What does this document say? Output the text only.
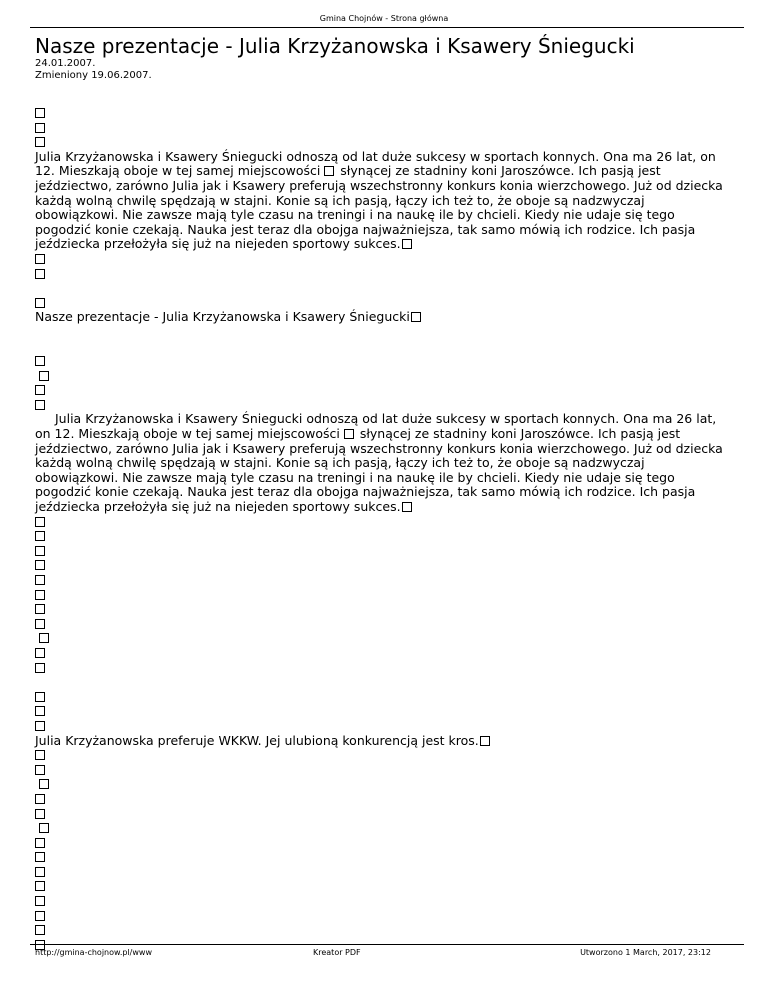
Gmina Chojnów - Strona główna
Nasze prezentacje - Julia Krzyżanowska i Ksawery Śniegucki
24.01.2007.
Zmieniony 19.06.2007.

Julia Krzyżanowska i Ksawery Śniegucki odnoszą od lat duże sukcesy w sportach konnych. Ona ma 26 lat, on 12. Mieszkają oboje w tej samej miejscowości słynącej ze stadniny koni Jaroszówce. Ich pasją jest jeździectwo, zarówno Julia jak i Ksawery preferują wszechstronny konkurs konia wierzchowego. Już od dziecka każdą wolną chwilę spędzają w stajni. Konie są ich pasją, łączy ich też to, że oboje są nadzwyczaj obowiązkowi. Nie zawsze mają tyle czasu na treningi i na naukę ile by chcieli. Kiedy nie udaje się tego pogodzić konie czekają. Nauka jest teraz dla obojga najważniejsza, tak samo mówią ich rodzice. Ich pasja jeździecka przełożyła się już na niejeden sportowy sukces.

Nasze prezentacje - Julia Krzyżanowska i Ksawery Śniegucki

Julia Krzyżanowska i Ksawery Śniegucki odnoszą od lat duże sukcesy w sportach konnych. Ona ma 26 lat, on 12. Mieszkają oboje w tej samej miejscowości słynącej ze stadniny koni Jaroszówce. Ich pasją jest jeździectwo, zarówno Julia jak i Ksawery preferują wszechstronny konkurs konia wierzchowego. Już od dziecka każdą wolną chwilę spędzają w stajni. Konie są ich pasją, łączy ich też to, że oboje są nadzwyczaj obowiązkowi. Nie zawsze mają tyle czasu na treningi i na naukę ile by chcieli. Kiedy nie udaje się tego pogodzić konie czekają. Nauka jest teraz dla obojga najważniejsza, tak samo mówią ich rodzice. Ich pasja jeździecka przełożyła się już na niejeden sportowy sukces.

Julia Krzyżanowska preferuje WKKW. Jej ulubioną konkurencją jest kros.
http://gmina-chojnow.pl/www	Kreator PDF	Utworzono 1 March, 2017, 23:12
